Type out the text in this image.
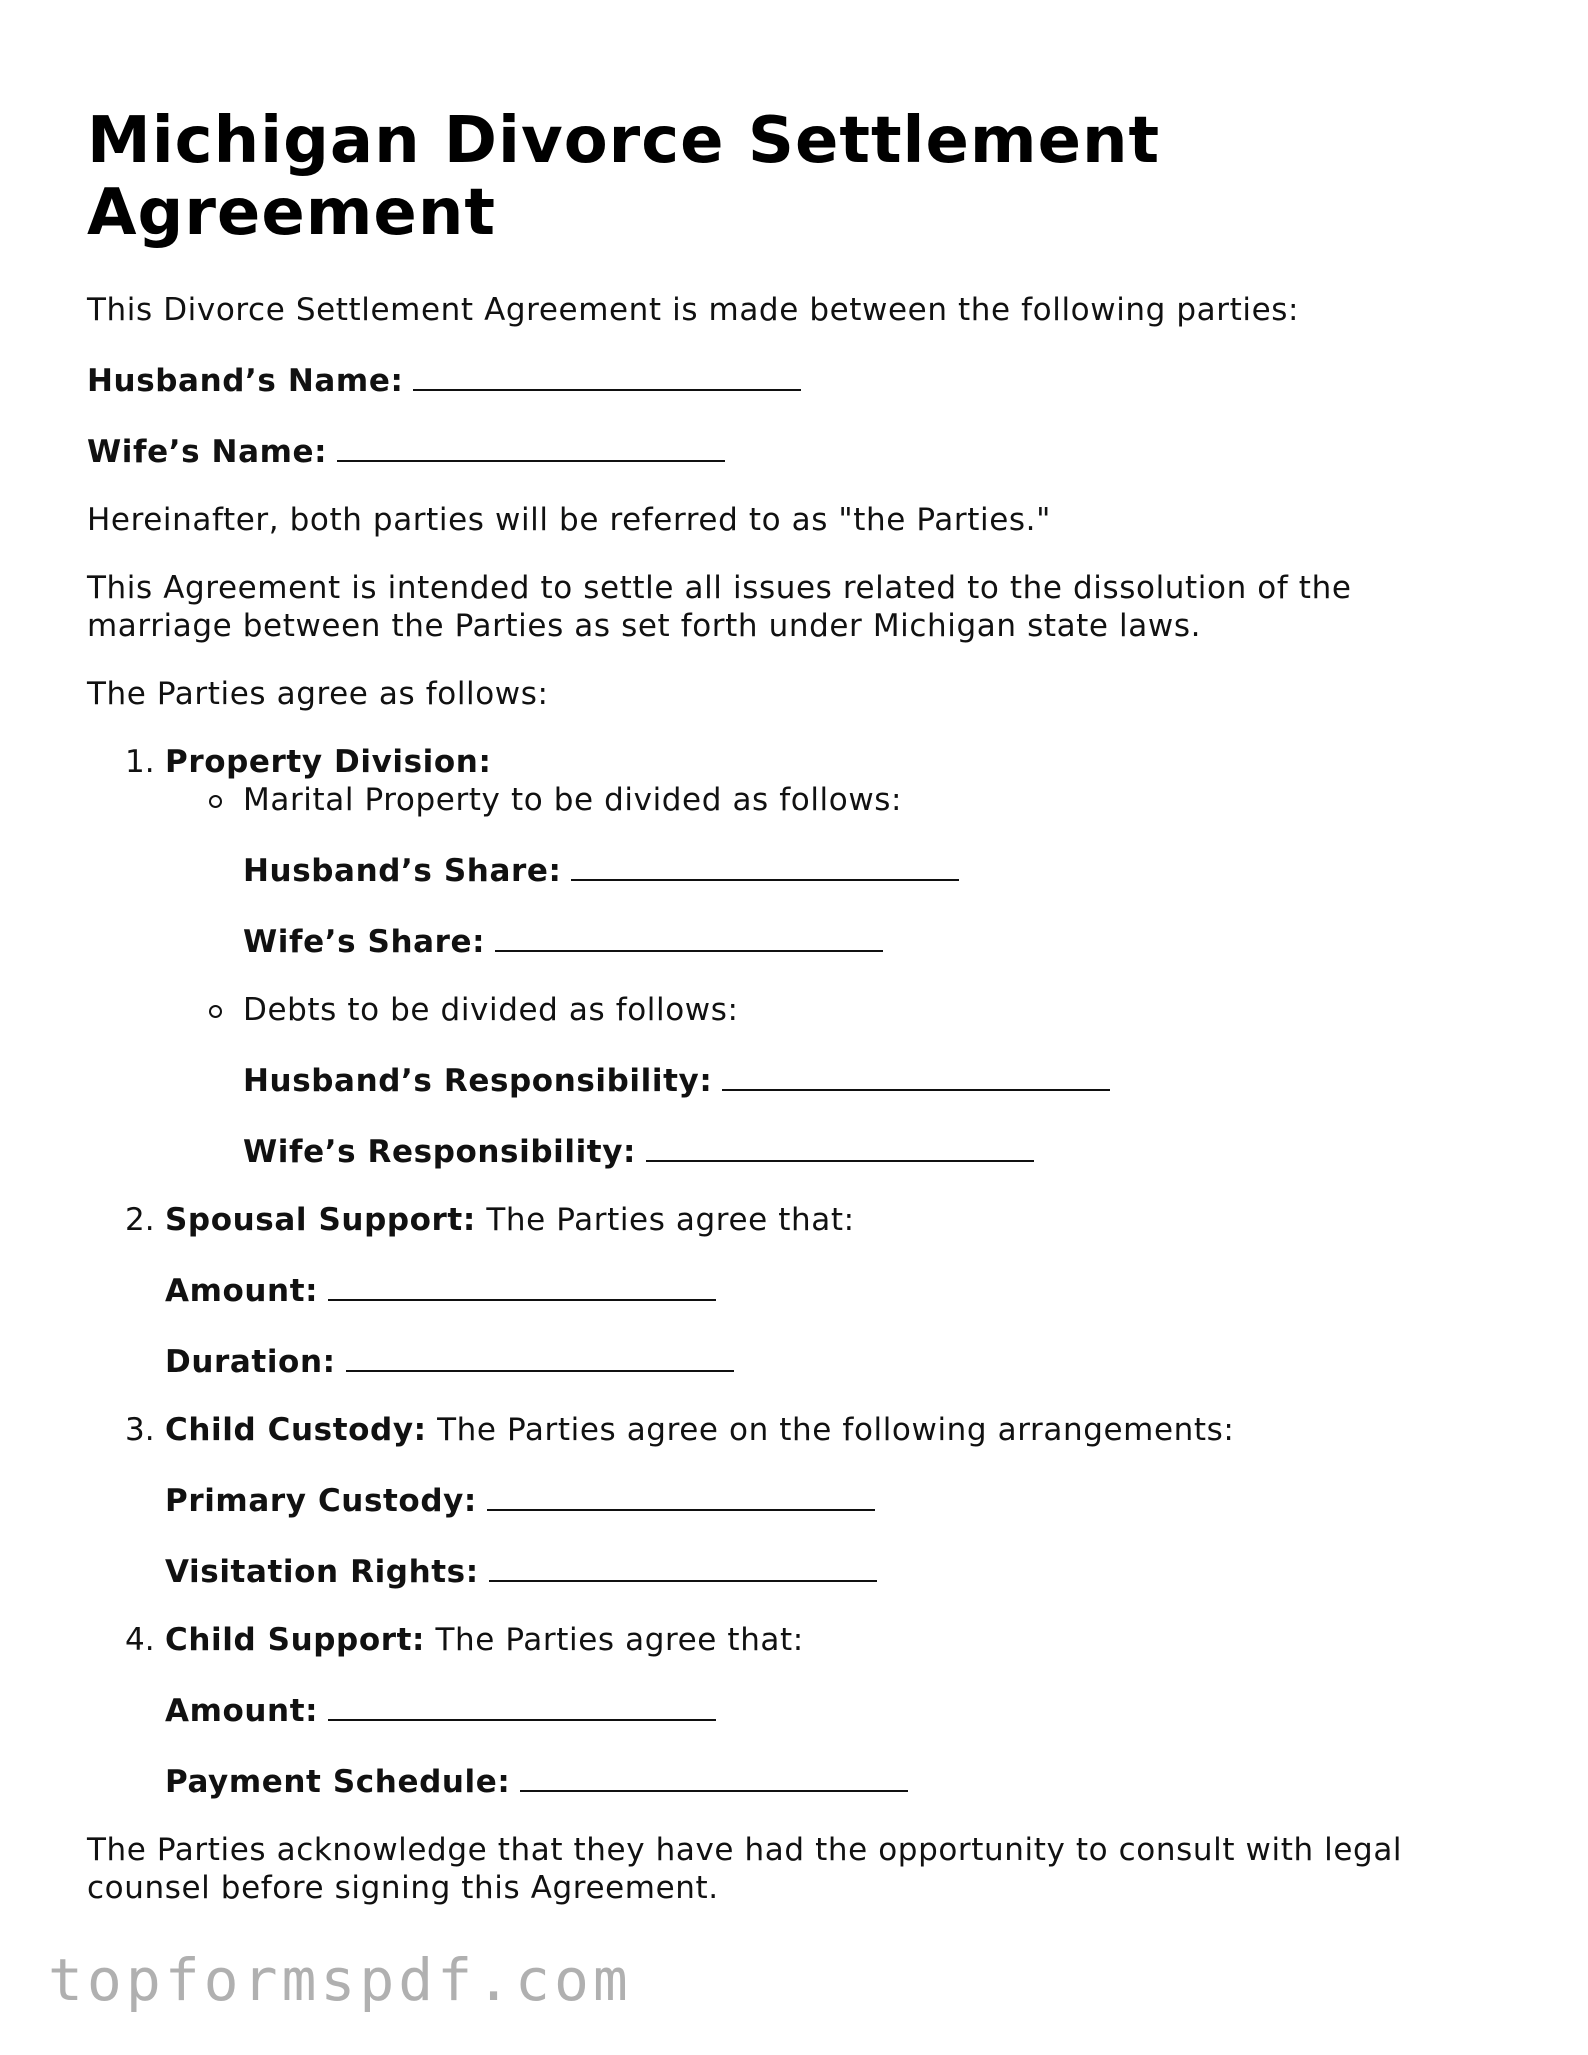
Michigan Divorce Settlement Agreement

This Divorce Settlement Agreement is made between the following parties:

Husband’s Name:
Wife’s Name:

Hereinafter, both parties will be referred to as "the Parties."

This Agreement is intended to settle all issues related to the dissolution of the marriage between the Parties as set forth under Michigan state laws.

The Parties agree as follows:

1. Property Division:
Marital Property to be divided as follows:
Husband’s Share:
Wife’s Share:
Debts to be divided as follows:
Husband’s Responsibility:
Wife’s Responsibility:
2. Spousal Support: The Parties agree that:
Amount:
Duration:
3. Child Custody: The Parties agree on the following arrangements:
Primary Custody:
Visitation Rights:
4. Child Support: The Parties agree that:
Amount:
Payment Schedule:

The Parties acknowledge that they have had the opportunity to consult with legal counsel before signing this Agreement.

topformspdf.com
